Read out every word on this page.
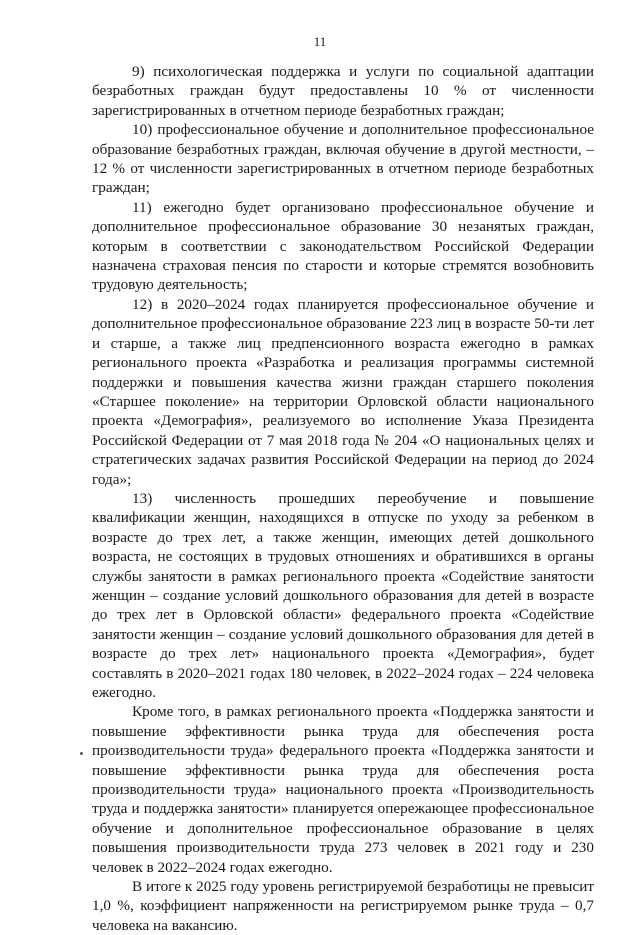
11

9) психологическая поддержка и услуги по социальной адаптации безработных граждан будут предоставлены 10 % от численности зарегистрированных в отчетном периоде безработных граждан;

10) профессиональное обучение и дополнительное профессиональное образование безработных граждан, включая обучение в другой местности, – 12 % от численности зарегистрированных в отчетном периоде безработных граждан;

11) ежегодно будет организовано профессиональное обучение и дополнительное профессиональное образование 30 незанятых граждан, которым в соответствии с законодательством Российской Федерации назначена страховая пенсия по старости и которые стремятся возобновить трудовую деятельность;

12) в 2020–2024 годах планируется профессиональное обучение и дополнительное профессиональное образование 223 лиц в возрасте 50-ти лет и старше, а также лиц предпенсионного возраста ежегодно в рамках регионального проекта «Разработка и реализация программы системной поддержки и повышения качества жизни граждан старшего поколения «Старшее поколение» на территории Орловской области национального проекта «Демография», реализуемого во исполнение Указа Президента Российской Федерации от 7 мая 2018 года № 204 «О национальных целях и стратегических задачах развития Российской Федерации на период до 2024 года»;

13) численность прошедших переобучение и повышение квалификации женщин, находящихся в отпуске по уходу за ребенком в возрасте до трех лет, а также женщин, имеющих детей дошкольного возраста, не состоящих в трудовых отношениях и обратившихся в органы службы занятости в рамках регионального проекта «Содействие занятости женщин – создание условий дошкольного образования для детей в возрасте до трех лет в Орловской области» федерального проекта «Содействие занятости женщин – создание условий дошкольного образования для детей в возрасте до трех лет» национального проекта «Демография», будет составлять в 2020–2021 годах 180 человек, в 2022–2024 годах – 224 человека ежегодно.

Кроме того, в рамках регионального проекта «Поддержка занятости и повышение эффективности рынка труда для обеспечения роста производительности труда» федерального проекта «Поддержка занятости и повышение эффективности рынка труда для обеспечения роста производительности труда» национального проекта «Производительность труда и поддержка занятости» планируется опережающее профессиональное обучение и дополнительное профессиональное образование в целях повышения производительности труда 273 человек в 2021 году и 230 человек в 2022–2024 годах ежегодно.

В итоге к 2025 году уровень регистрируемой безработицы не превысит 1,0 %, коэффициент напряженности на регистрируемом рынке труда – 0,7 человека на вакансию.
